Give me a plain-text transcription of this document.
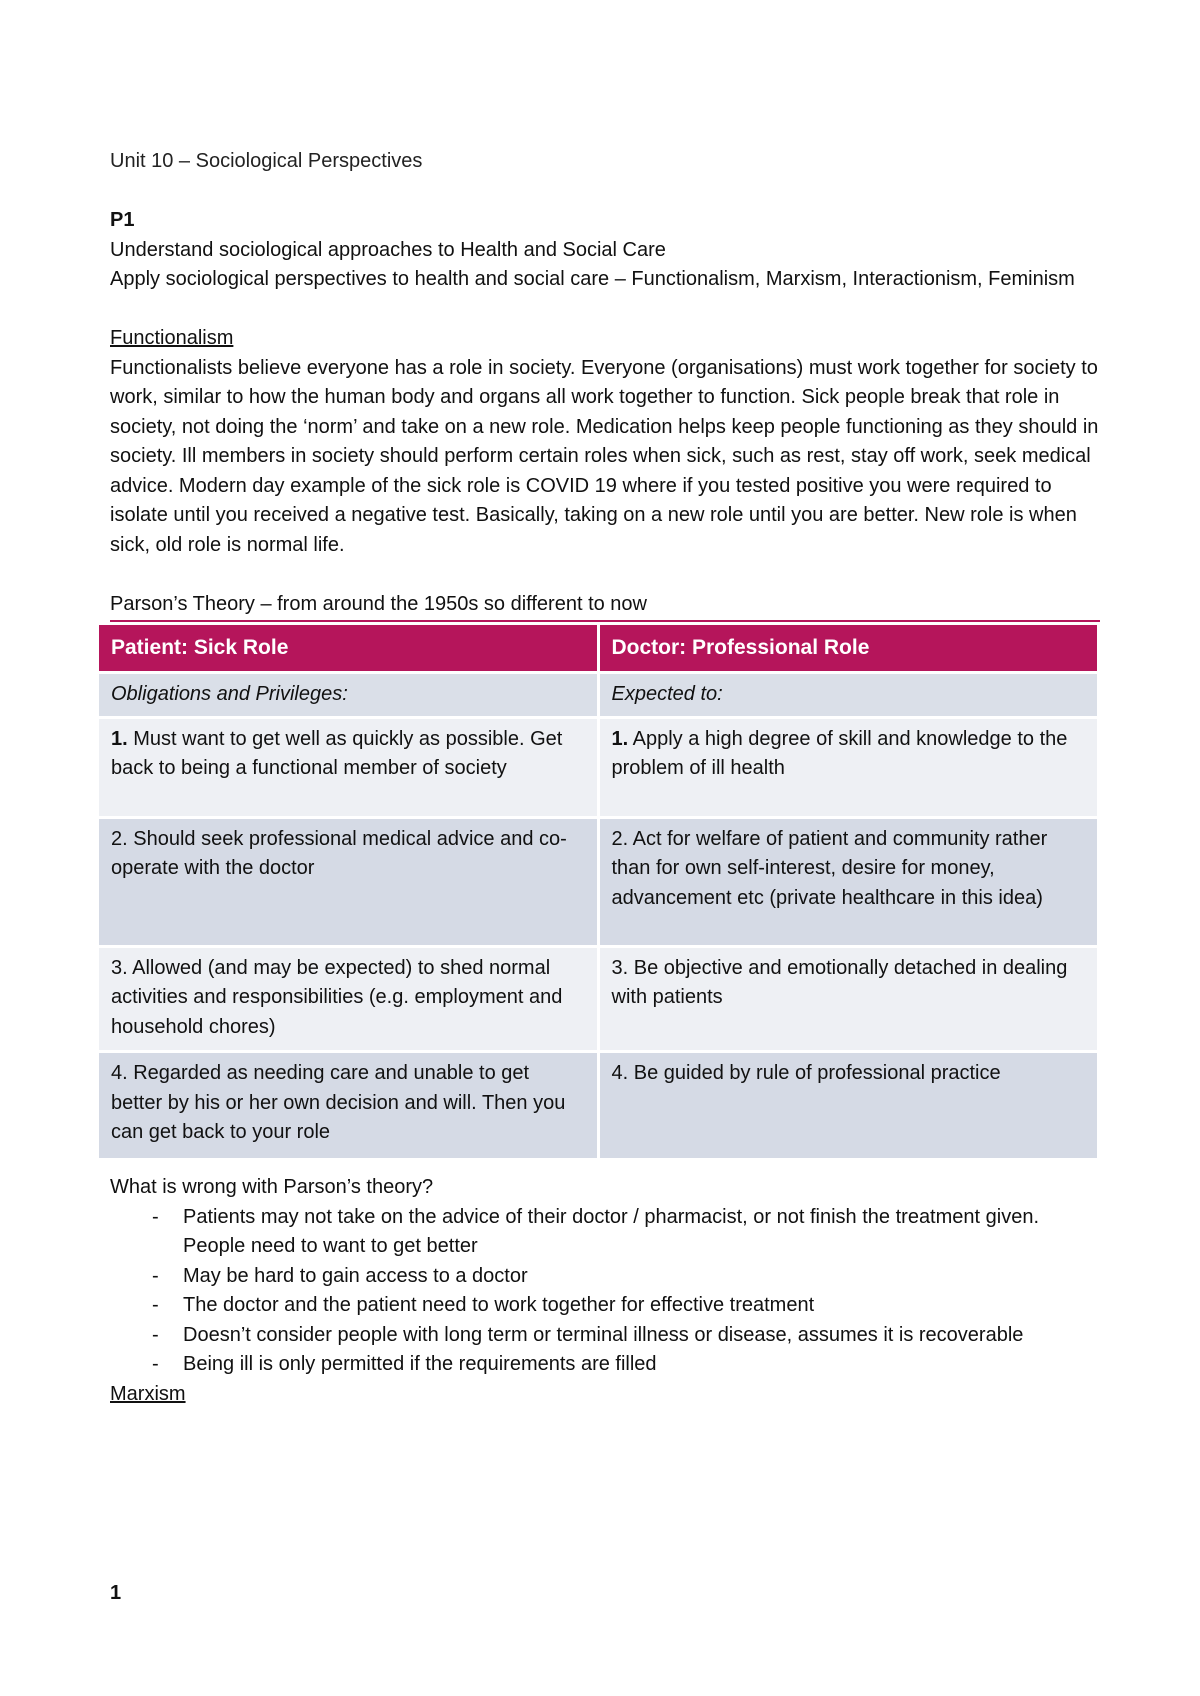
Unit 10 – Sociological Perspectives

P1

Understand sociological approaches to Health and Social Care

Apply sociological perspectives to health and social care – Functionalism, Marxism, Interactionism, Feminism

Functionalism

Functionalists believe everyone has a role in society. Everyone (organisations) must work together for society to work, similar to how the human body and organs all work together to function. Sick people break that role in society, not doing the ‘norm’ and take on a new role. Medication helps keep people functioning as they should in society. Ill members in society should perform certain roles when sick, such as rest, stay off work, seek medical advice. Modern day example of the sick role is COVID 19 where if you tested positive you were required to isolate until you received a negative test. Basically, taking on a new role until you are better. New role is when sick, old role is normal life.

Parson’s Theory – from around the 1950s so different to now

Patient: Sick Role	Doctor: Professional Role
Obligations and Privileges:	Expected to:
1. Must want to get well as quickly as possible. Get back to being a functional member of society	1. Apply a high degree of skill and knowledge to the problem of ill health
2. Should seek professional medical advice and co-operate with the doctor	2. Act for welfare of patient and community rather than for own self-interest, desire for money, advancement etc (private healthcare in this idea)
3. Allowed (and may be expected) to shed normal activities and responsibilities (e.g. employment and household chores)	3. Be objective and emotionally detached in dealing with patients
4. Regarded as needing care and unable to get better by his or her own decision and will. Then you can get back to your role	4. Be guided by rule of professional practice

What is wrong with Parson’s theory?

- Patients may not take on the advice of their doctor / pharmacist, or not finish the treatment given. People need to want to get better
- May be hard to gain access to a doctor
- The doctor and the patient need to work together for effective treatment
- Doesn’t consider people with long term or terminal illness or disease, assumes it is recoverable
- Being ill is only permitted if the requirements are filled

Marxism

1
